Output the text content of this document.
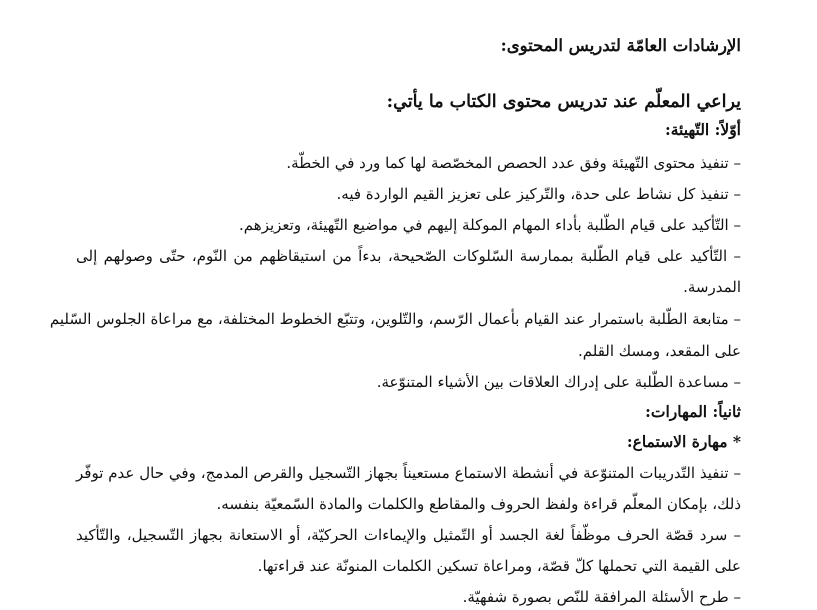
الإرشادات العامّة لتدريس المحتوى:
يراعي المعلّم عند تدريس محتوى الكتاب ما يأتي:
أوّلاً: التّهيئة:
– تنفيذ محتوى التّهيئة وفق عدد الحصص المخصّصة لها كما ورد في الخطّة.
– تنفيذ كل نشاط على حدة، والتّركيز على تعزيز القيم الواردة فيه.
– التّأكيد على قيام الطّلبة بأداء المهام الموكلة إليهم في مواضيع التّهيئة، وتعزيزهم.
– التّأكيد على قيام الطّلبة بممارسة السّلوكات الصّحيحة، بدءاً من استيقاظهم من النّوم، حتّى وصولهم إلى
المدرسة.
– متابعة الطّلبة باستمرار عند القيام بأعمال الرّسم، والتّلوين، وتتبّع الخطوط المختلفة، مع مراعاة الجلوس السّليم
على المقعد، ومسك القلم.
– مساعدة الطّلبة على إدراك العلاقات بين الأشياء المتنوّعة.
ثانياً: المهارات:
* مهارة الاستماع:
– تنفيذ التّدريبات المتنوّعة في أنشطة الاستماع مستعيناً بجهاز التّسجيل والقرص المدمج، وفي حال عدم توفّر
ذلك، بإمكان المعلّم قراءة ولفظ الحروف والمقاطع والكلمات والمادة السّمعيّة بنفسه.
– سرد قصّة الحرف موظّفاً لغة الجسد أو التّمثيل والإيماءات الحركيّة، أو الاستعانة بجهاز التّسجيل، والتّأكيد
على القيمة التي تحملها كلّ قصّة، ومراعاة تسكين الكلمات المنونّة عند قراءتها.
– طرح الأسئلة المرافقة للنّص بصورة شفهيّة.
